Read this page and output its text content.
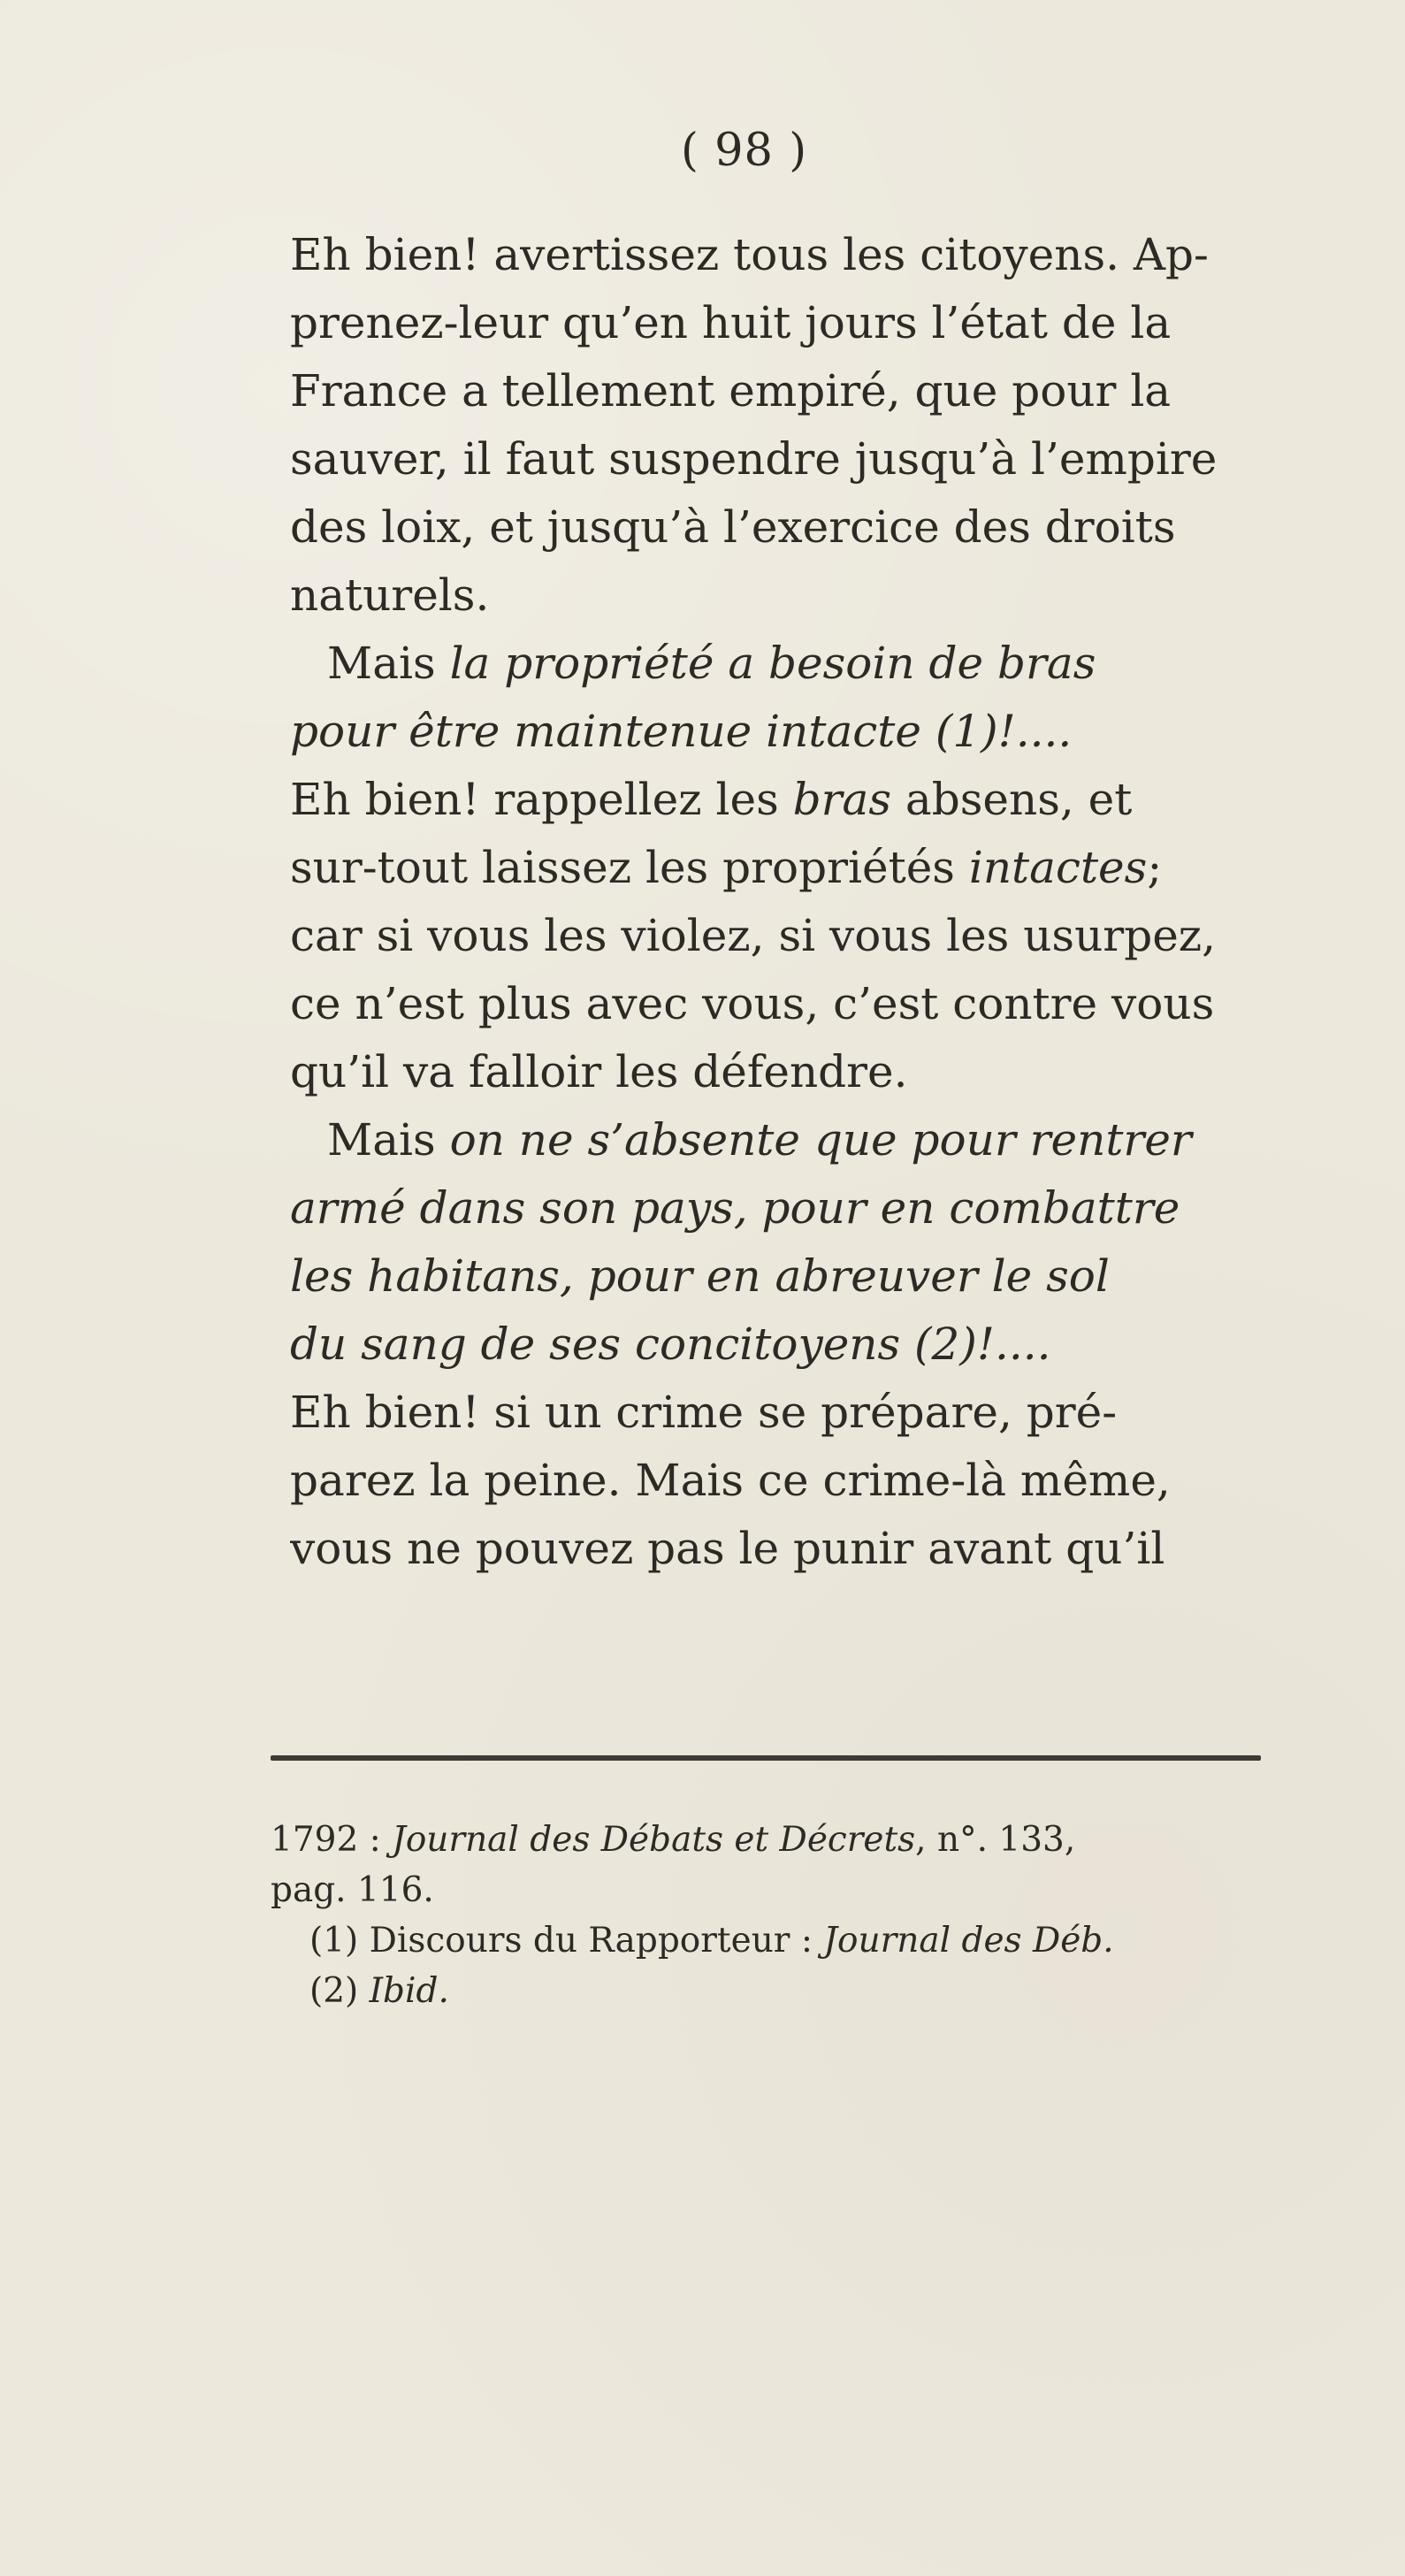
( 98 )
Eh bien! avertissez tous les citoyens. Ap-
prenez-leur qu’en huit jours l’état de la
France a tellement empiré, que pour la
sauver, il faut suspendre jusqu’à l’empire
des loix, et jusqu’à l’exercice des droits
naturels.
Mais la propriété a besoin de bras
pour être maintenue intacte (1)!....
Eh bien! rappellez les bras absens, et
sur-tout laissez les propriétés intactes;
car si vous les violez, si vous les usurpez,
ce n’est plus avec vous, c’est contre vous
qu’il va falloir les défendre.
Mais on ne s’absente que pour rentrer
armé dans son pays, pour en combattre
les habitans, pour en abreuver le sol
du sang de ses concitoyens (2)!....
Eh bien! si un crime se prépare, pré-
parez la peine. Mais ce crime-là même,
vous ne pouvez pas le punir avant qu’il
1792 : Journal des Débats et Décrets, n°. 133,
pag. 116.
(1) Discours du Rapporteur : Journal des Déb.
(2) Ibid.
